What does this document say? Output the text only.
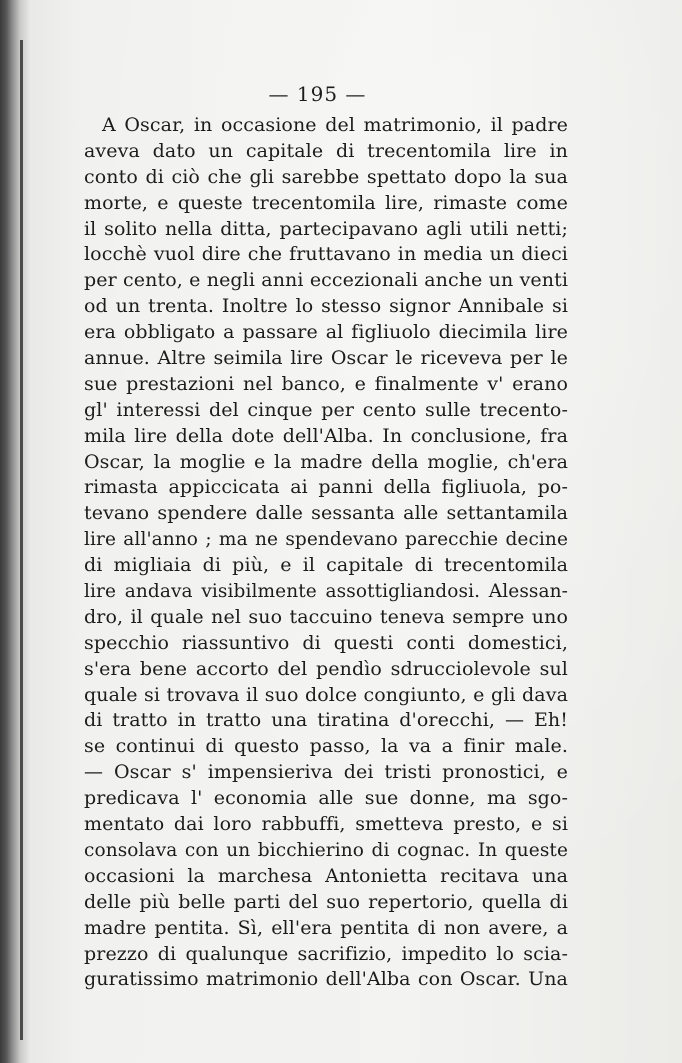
— 195 —
A Oscar, in occasione del matrimonio, il padre
aveva dato un capitale di trecentomila lire in
conto di ciò che gli sarebbe spettato dopo la sua
morte, e queste trecentomila lire, rimaste come
il solito nella ditta, partecipavano agli utili netti;
locchè vuol dire che fruttavano in media un dieci
per cento, e negli anni eccezionali anche un venti
od un trenta. Inoltre lo stesso signor Annibale si
era obbligato a passare al figliuolo diecimila lire
annue. Altre seimila lire Oscar le riceveva per le
sue prestazioni nel banco, e finalmente v' erano
gl' interessi del cinque per cento sulle trecento-
mila lire della dote dell'Alba. In conclusione, fra
Oscar, la moglie e la madre della moglie, ch'era
rimasta appiccicata ai panni della figliuola, po-
tevano spendere dalle sessanta alle settantamila
lire all'anno ; ma ne spendevano parecchie decine
di migliaia di più, e il capitale di trecentomila
lire andava visibilmente assottigliandosi. Alessan-
dro, il quale nel suo taccuino teneva sempre uno
specchio riassuntivo di questi conti domestici,
s'era bene accorto del pendìo sdrucciolevole sul
quale si trovava il suo dolce congiunto, e gli dava
di tratto in tratto una tiratina d'orecchi, — Eh!
se continui di questo passo, la va a finir male.
— Oscar s' impensieriva dei tristi pronostici, e
predicava l' economia alle sue donne, ma sgo-
mentato dai loro rabbuffi, smetteva presto, e si
consolava con un bicchierino di cognac. In queste
occasioni la marchesa Antonietta recitava una
delle più belle parti del suo repertorio, quella di
madre pentita. Sì, ell'era pentita di non avere, a
prezzo di qualunque sacrifizio, impedito lo scia-
guratissimo matrimonio dell'Alba con Oscar. Una
